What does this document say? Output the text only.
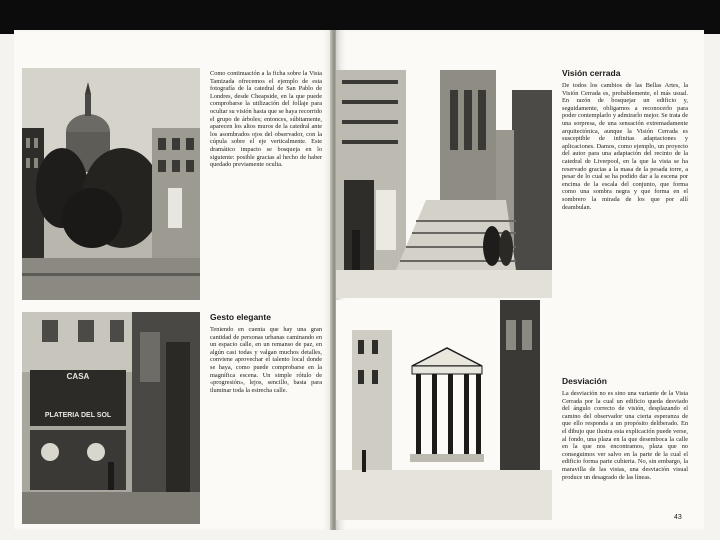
Como continuación a la ficha sobre la Vista Tamizada ofrecemos el ejemplo de esta fotografía de la catedral de San Pablo de Londres, desde Cheapside, en la que puede comprobarse la utilización del follaje para ocultar su visión hasta que se haya recorrido el grupo de árboles; entonces, súbitamente, aparecen los altos muros de la catedral ante los asombrados ojos del observador, con la cúpula sobre el eje verticalmente. Este dramático impacto se bosqueja en lo siguiente: posible gracias al hecho de haber quedado previamente oculta.

CASA
PLATERIA DEL SOL
Gesto elegante

Teniendo en cuenta que hay una gran cantidad de personas urbanas caminando en un espacio calle, en un remanso de paz, en algún casi todas y valgan muchos detalles, conviene aprovechar el talento local donde se haya, como puede comprobarse en la magnífica escena. Un simple rótulo de «progresión», lejos, sencillo, basta para iluminar toda la estrecha calle.

Visión cerrada

De todos los cambios de las Bellas Artes, la Visión Cerrada es, probablemente, el más usual. En razón de bosquejar un edificio y, seguidamente, obligarnos a reconocerlo para poder contemplarlo y admirarlo mejor. Se trata de una sorpresa, de una sensación extremadamente arquitectónica, aunque la Visión Cerrada es susceptible de infinitas adaptaciones y aplicaciones. Damos, como ejemplo, un proyecto del autor para una adaptación del recinto de la catedral de Liverpool, en la que la vista se ha reservado gracias a la masa de la pesada torre, a pesar de lo cual se ha podido dar a la escena por encima de la escala del conjunto, que forma como una sombra negra y que forma en el sombrero la mirada de los que por allí deambulan.

Desviación

La desviación no es sino una variante de la Vista Cerrada por la cual un edificio queda desviado del ángulo correcto de visión, desplazando el camino del observador una cierta esperanza de que ello responda a un propósito deliberado. En el dibujo que ilustra esta explicación puede verse, al fondo, una plaza en la que desemboca la calle en la que nos encontramos, plaza que no conseguimos ver salvo en la parte de la cual el edificio forma parte cubierta. No, sin embargo, la maravilla de las vistas, una desviación visual produce un desagrado de las líneas.

43
